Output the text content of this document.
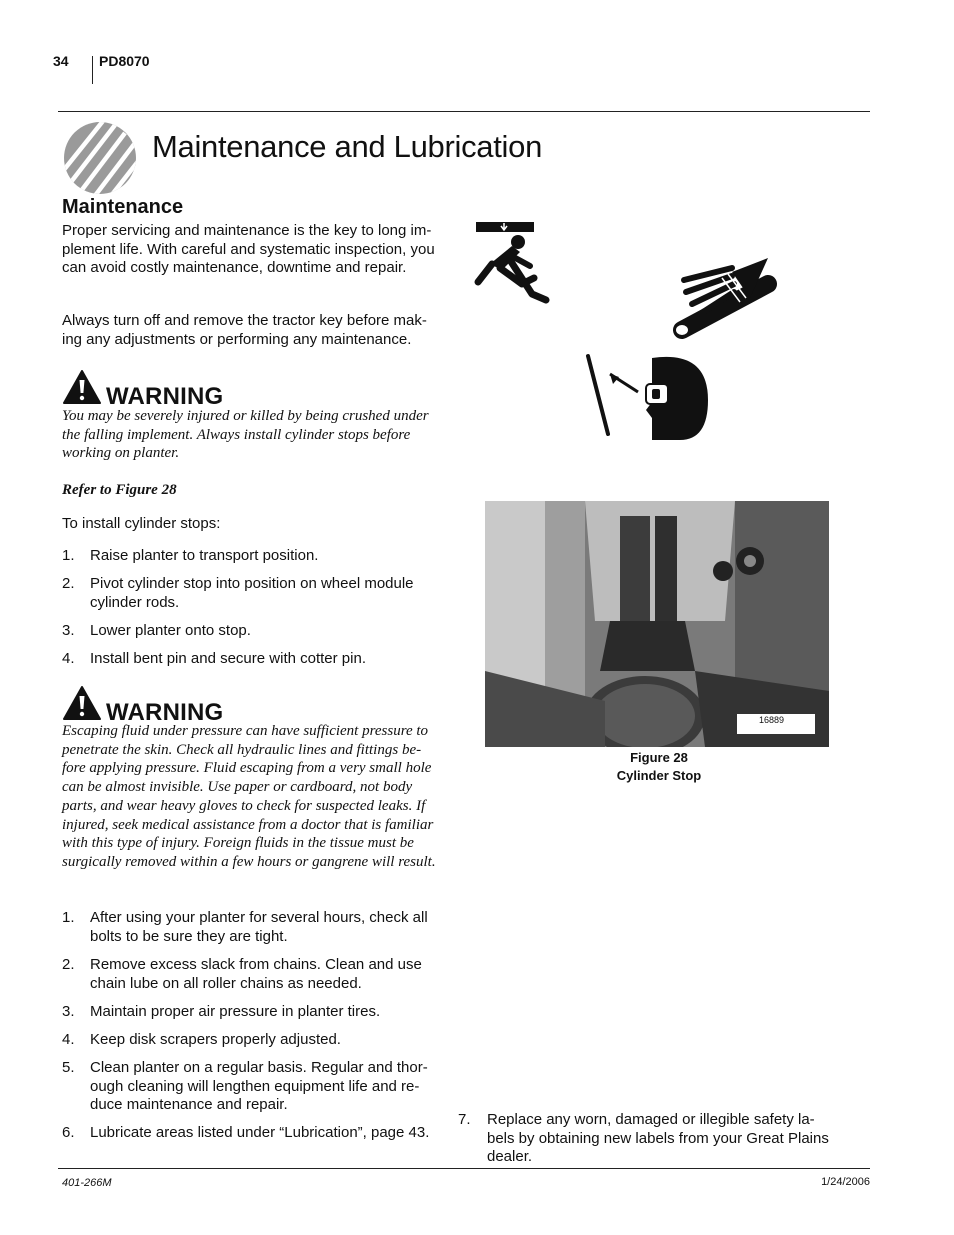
34 PD8070
Maintenance and Lubrication
Maintenance
Proper servicing and maintenance is the key to long im-plement life. With careful and systematic inspection, you can avoid costly maintenance, downtime and repair.
Always turn off and remove the tractor key before mak-ing any adjustments or performing any maintenance.
WARNING
You may be severely injured or killed by being crushed under the falling implement. Always install cylinder stops before working on planter.
Refer to Figure 28
To install cylinder stops:
1. Raise planter to transport position.
2. Pivot cylinder stop into position on wheel module cylinder rods.
3. Lower planter onto stop.
4. Install bent pin and secure with cotter pin.
WARNING
Escaping fluid under pressure can have sufficient pressure to penetrate the skin. Check all hydraulic lines and fittings be-fore applying pressure. Fluid escaping from a very small hole can be almost invisible. Use paper or cardboard, not body parts, and wear heavy gloves to check for suspected leaks. If injured, seek medical assistance from a doctor that is familiar with this type of injury. Foreign fluids in the tissue must be surgically removed within a few hours or gangrene will result.
1. After using your planter for several hours, check all bolts to be sure they are tight.
2. Remove excess slack from chains. Clean and use chain lube on all roller chains as needed.
3. Maintain proper air pressure in planter tires.
4. Keep disk scrapers properly adjusted.
5. Clean planter on a regular basis. Regular and thor-ough cleaning will lengthen equipment life and re-duce maintenance and repair.
6. Lubricate areas listed under “Lubrication”, page 43.
16889
Figure 28
Cylinder Stop
7. Replace any worn, damaged or illegible safety la-bels by obtaining new labels from your Great Plains dealer.
401-266M	1/24/2006
